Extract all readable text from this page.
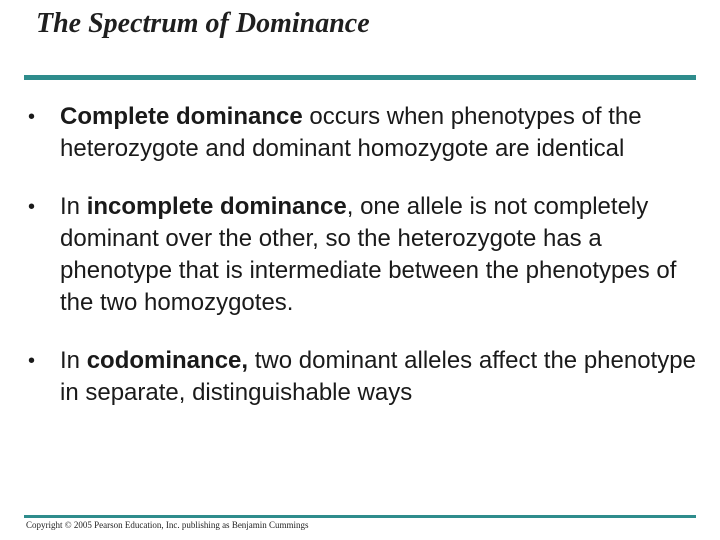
The Spectrum of Dominance
•	Complete dominance occurs when phenotypes of the heterozygote and dominant homozygote are identical
•	In incomplete dominance, one allele is not completely dominant over the other, so the heterozygote has a phenotype that is intermediate between the phenotypes of the two homozygotes.
•	In codominance, two dominant alleles affect the phenotype in separate, distinguishable ways
Copyright © 2005 Pearson Education, Inc. publishing as Benjamin Cummings
